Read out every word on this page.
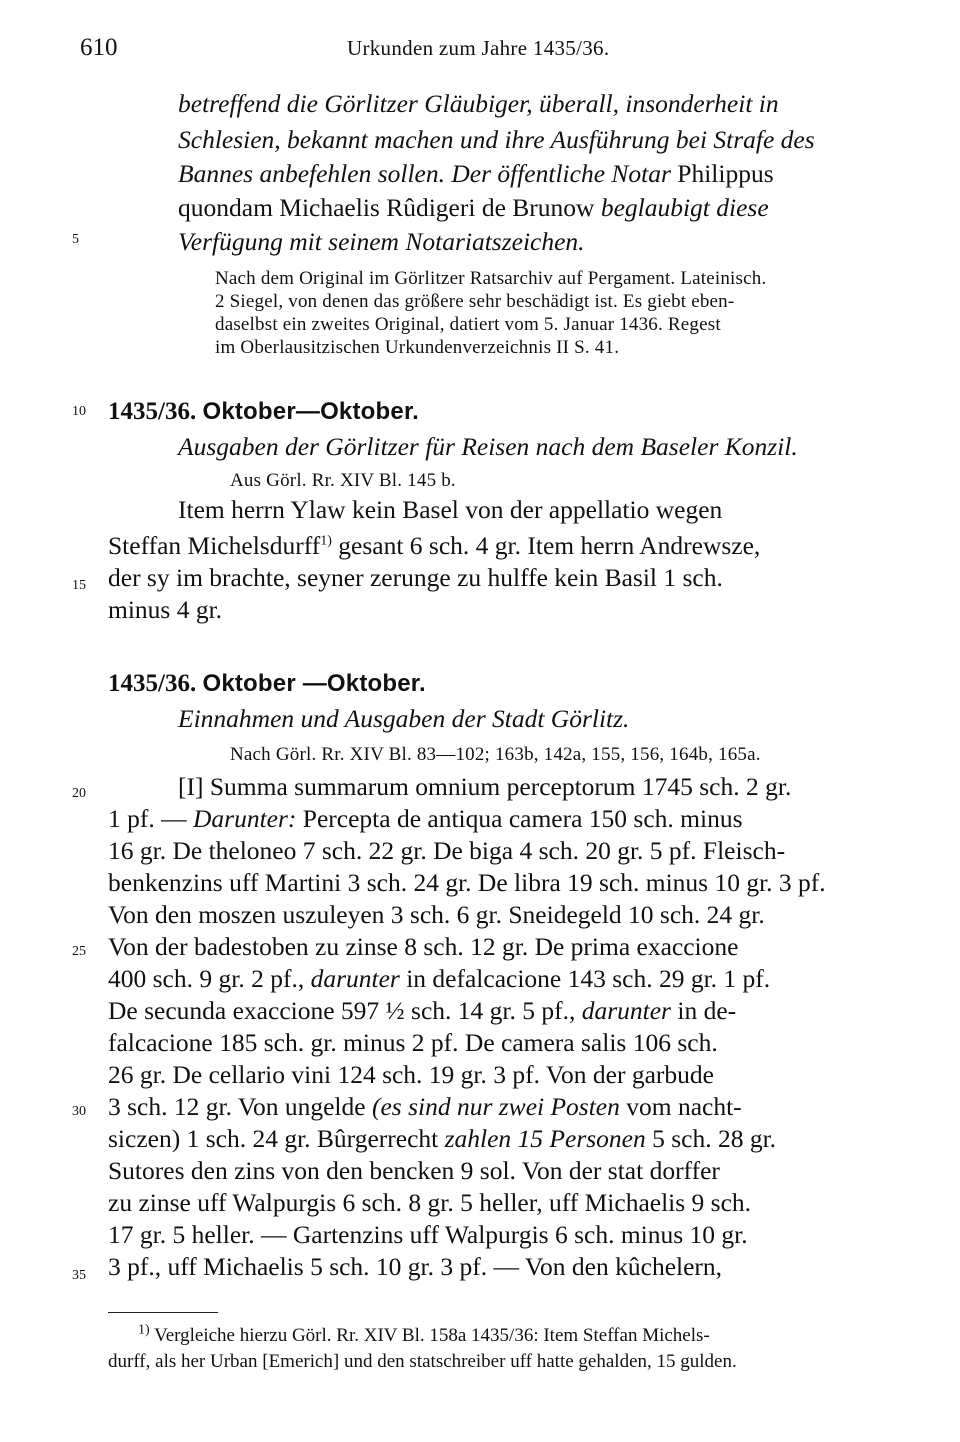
610	Urkunden zum Jahre 1435/36.
5
10
15
20
25
30
35
betreffend die Görlitzer Gläubiger, überall, insonderheit in
Schlesien, bekannt machen und ihre Ausführung bei Strafe des
Bannes anbefehlen sollen. Der öffentliche Notar Philippus
quondam Michaelis Rûdigeri de Brunow beglaubigt diese
Verfügung mit seinem Notariatszeichen.
Nach dem Original im Görlitzer Ratsarchiv auf Pergament. Lateinisch.
2 Siegel, von denen das größere sehr beschädigt ist. Es giebt eben-
daselbst ein zweites Original, datiert vom 5. Januar 1436. Regest
im Oberlausitzischen Urkundenverzeichnis II S. 41.
1435/36. Oktober—Oktober.
Ausgaben der Görlitzer für Reisen nach dem Baseler Konzil.
Aus Görl. Rr. XIV Bl. 145 b.
Item herrn Ylaw kein Basel von der appellatio wegen
Steffan Michelsdurff$^{1)}$ gesant 6 sch. 4 gr. Item herrn Andrewsze,
der sy im brachte, seyner zerunge zu hulffe kein Basil 1 sch.
minus 4 gr.
1435/36. Oktober —Oktober.
Einnahmen und Ausgaben der Stadt Görlitz.
Nach Görl. Rr. XIV Bl. 83—102; 163b, 142a, 155, 156, 164b, 165a.
[I] Summa summarum omnium perceptorum 1745 sch. 2 gr.
1 pf. — Darunter: Percepta de antiqua camera 150 sch. minus
16 gr. De theloneo 7 sch. 22 gr. De biga 4 sch. 20 gr. 5 pf. Fleisch-
benkenzins uff Martini 3 sch. 24 gr. De libra 19 sch. minus 10 gr. 3 pf.
Von den moszen uszuleyen 3 sch. 6 gr. Sneidegeld 10 sch. 24 gr.
Von der badestoben zu zinse 8 sch. 12 gr. De prima exaccione
400 sch. 9 gr. 2 pf., darunter in defalcacione 143 sch. 29 gr. 1 pf.
De secunda exaccione 597 ½ sch. 14 gr. 5 pf., darunter in de-
falcacione 185 sch. gr. minus 2 pf. De camera salis 106 sch.
26 gr. De cellario vini 124 sch. 19 gr. 3 pf. Von der garbude
3 sch. 12 gr. Von ungelde (es sind nur zwei Posten vom nacht-
siczen) 1 sch. 24 gr. Bûrgerrecht zahlen 15 Personen 5 sch. 28 gr.
Sutores den zins von den bencken 9 sol. Von der stat dorffer
zu zinse uff Walpurgis 6 sch. 8 gr. 5 heller, uff Michaelis 9 sch.
17 gr. 5 heller. — Gartenzins uff Walpurgis 6 sch. minus 10 gr.
3 pf., uff Michaelis 5 sch. 10 gr. 3 pf. — Von den kûchelern,
$^{1)}$ Vergleiche hierzu Görl. Rr. XIV Bl. 158a 1435/36: Item Steffan Michels-
durff, als her Urban [Emerich] und den statschreiber uff hatte gehalden, 15 gulden.
